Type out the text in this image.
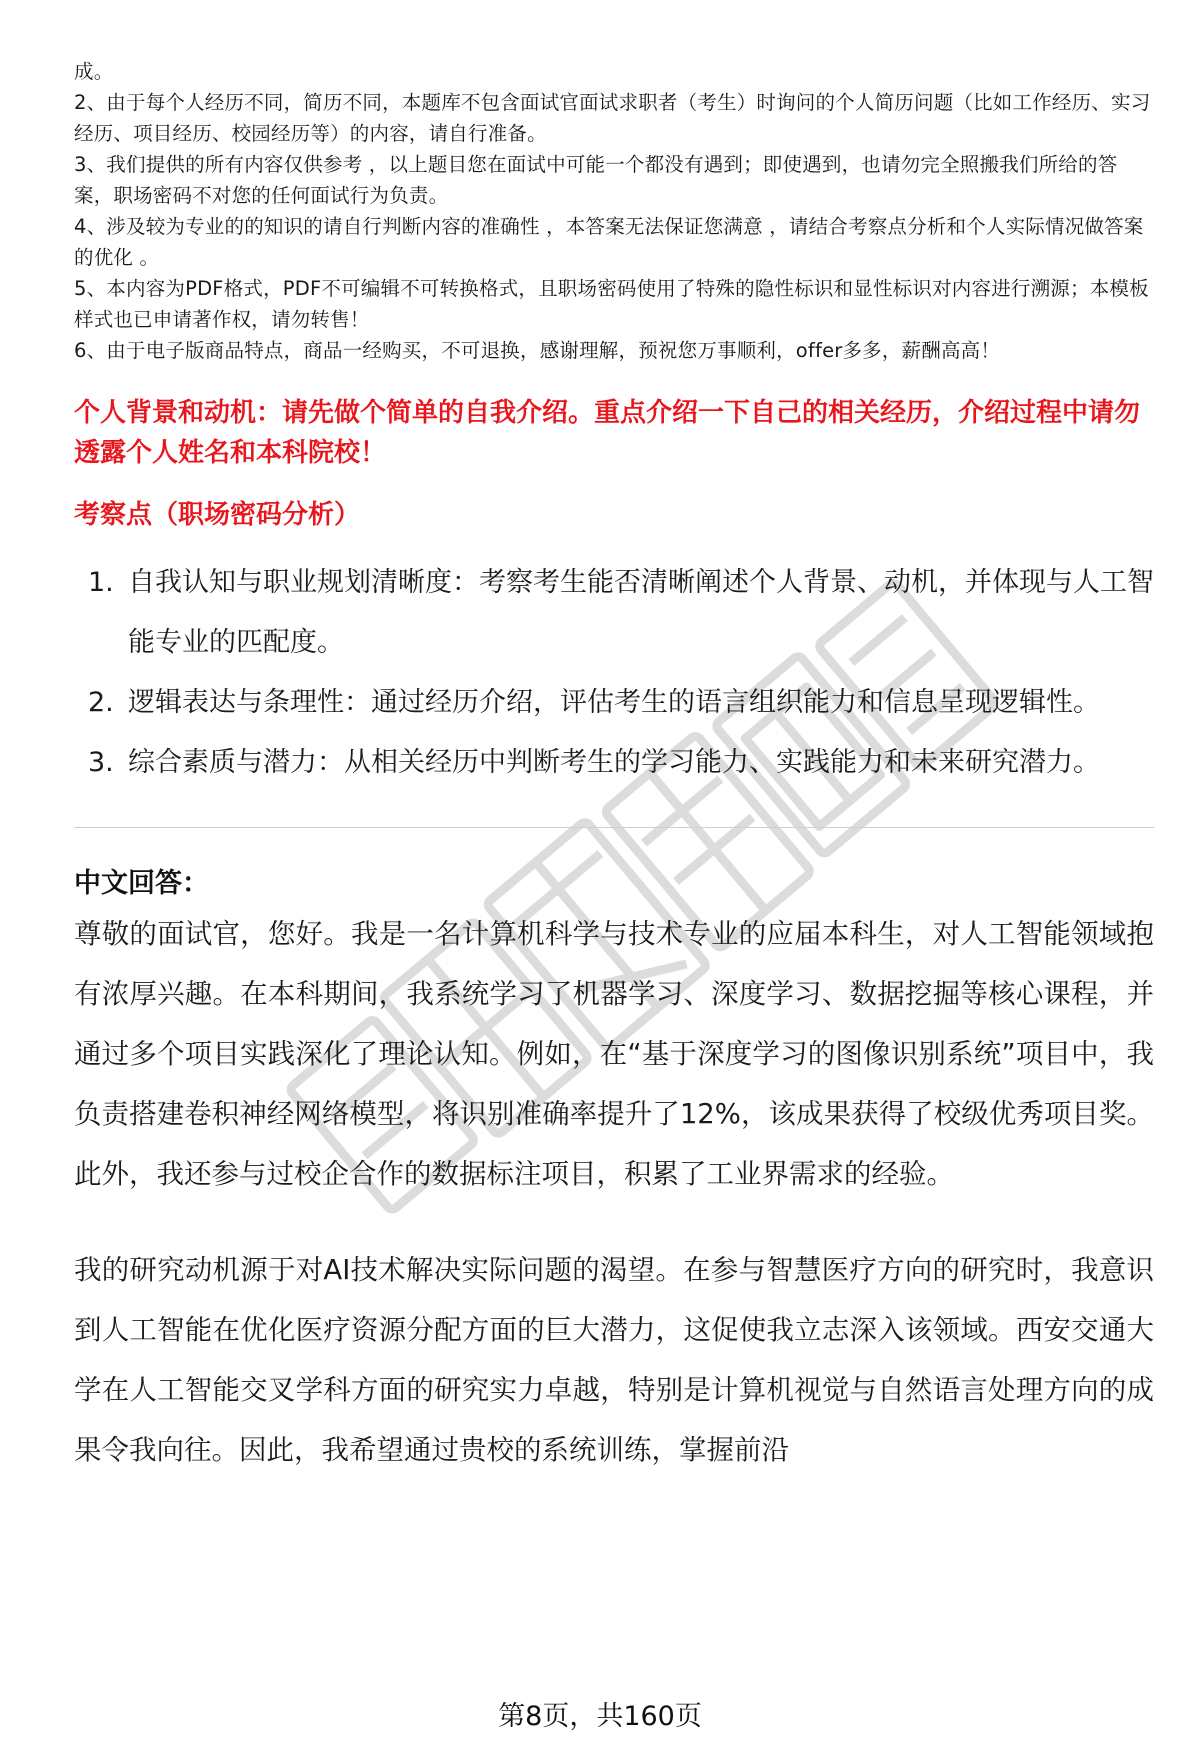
成。

2、由于每个人经历不同，简历不同，本题库不包含面试官面试求职者（考生）时询问的个人简历问题（比如工作经历、实习经历、项目经历、校园经历等）的内容，请自行准备。

3、我们提供的所有内容仅供参考 ，以上题目您在面试中可能一个都没有遇到；即使遇到，也请勿完全照搬我们所给的答案，职场密码不对您的任何面试行为负责。

4、涉及较为专业的的知识的请自行判断内容的准确性 ，本答案无法保证您满意 ，请结合考察点分析和个人实际情况做答案的优化 。

5、本内容为PDF格式，PDF不可编辑不可转换格式，且职场密码使用了特殊的隐性标识和显性标识对内容进行溯源；本模板样式也已申请著作权，请勿转售！

6、由于电子版商品特点，商品一经购买，不可退换，感谢理解，预祝您万事顺利，offer多多，薪酬高高！

个人背景和动机：请先做个简单的自我介绍。重点介绍一下自己的相关经历，介绍过程中请勿透露个人姓名和本科院校！
考察点（职场密码分析）
1. 自我认知与职业规划清晰度：考察考生能否清晰阐述个人背景、动机，并体现与人工智能专业的匹配度。
2. 逻辑表达与条理性：通过经历介绍，评估考生的语言组织能力和信息呈现逻辑性。
3. 综合素质与潜力：从相关经历中判断考生的学习能力、实践能力和未来研究潜力。
中文回答：

尊敬的面试官，您好。我是一名计算机科学与技术专业的应届本科生，对人工智能领域抱有浓厚兴趣。在本科期间，我系统学习了机器学习、深度学习、数据挖掘等核心课程，并通过多个项目实践深化了理论认知。例如，在“基于深度学习的图像识别系统”项目中，我负责搭建卷积神经网络模型，将识别准确率提升了12%，该成果获得了校级优秀项目奖。此外，我还参与过校企合作的数据标注项目，积累了工业界需求的经验。

我的研究动机源于对AI技术解决实际问题的渴望。在参与智慧医疗方向的研究时，我意识到人工智能在优化医疗资源分配方面的巨大潜力，这促使我立志深入该领域。西安交通大学在人工智能交叉学科方面的研究实力卓越，特别是计算机视觉与自然语言处理方向的成果令我向往。因此，我希望通过贵校的系统训练，掌握前沿

第8页，共160页
